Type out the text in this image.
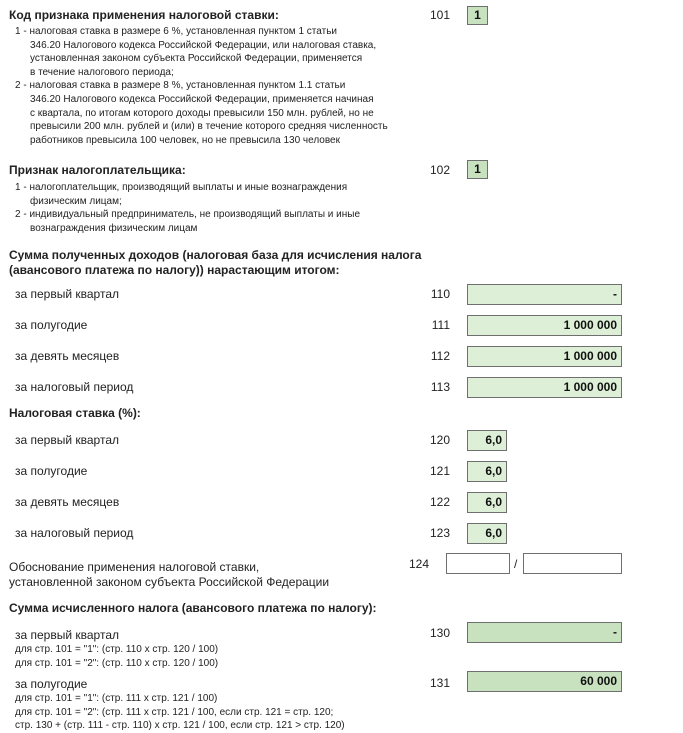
Код признака применения налоговой ставки:	101	1
1 - налоговая ставка в размере 6 %, установленная пунктом 1 статьи
346.20 Налогового кодекса Российской Федерации, или налоговая ставка,
установленная законом субъекта Российской Федерации, применяется
в течение налогового периода;
2 - налоговая ставка в размере 8 %, установленная пунктом 1.1 статьи
346.20 Налогового кодекса Российской Федерации, применяется начиная
с квартала, по итогам которого доходы превысили 150 млн. рублей, но не
превысили 200 млн. рублей и (или) в течение которого средняя численность
работников превысила 100 человек, но не превысила 130 человек
Признак налогоплательщика:	102	1
1 - налогоплательщик, производящий выплаты и иные вознаграждения
физическим лицам;
2 - индивидуальный предприниматель, не производящий выплаты и иные
вознаграждения физическим лицам
Сумма полученных доходов (налоговая база для исчисления налога
(авансового платежа по налогу)) нарастающим итогом:
за первый квартал	110	-
за полугодие	111	1 000 000
за девять месяцев	112	1 000 000
за налоговый период	113	1 000 000
Налоговая ставка (%):
за первый квартал	120	6,0
за полугодие	121	6,0
за девять месяцев	122	6,0
за налоговый период	123	6,0
Обоснование применения налоговой ставки,
установленной законом субъекта Российской Федерации
124	/
Сумма исчисленного налога (авансового платежа по налогу):
за первый квартал
для стр. 101 = "1": (стр. 110 х стр. 120 / 100)
для стр. 101 = "2": (стр. 110 х стр. 120 / 100)
130	-
за полугодие
для стр. 101 = "1": (стр. 111 х стр. 121 / 100)
для стр. 101 = "2": (стр. 111 х стр. 121 / 100, если стр. 121 = стр. 120;
стр. 130 + (стр. 111 - стр. 110) х стр. 121 / 100, если стр. 121 > стр. 120)
131	60 000
